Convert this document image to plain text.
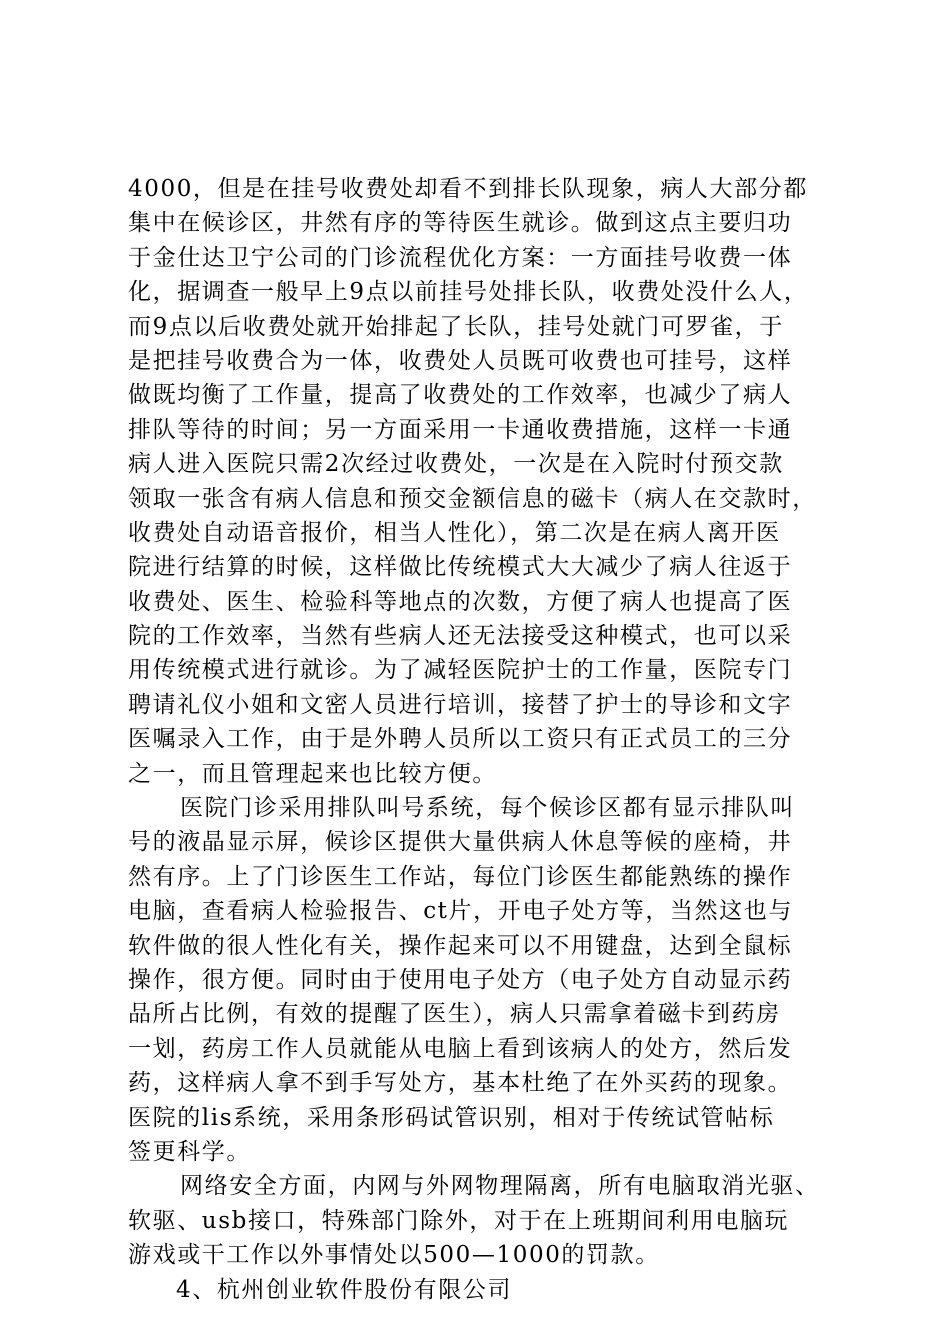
4000，但是在挂号收费处却看不到排长队现象，病人大部分都
集中在候诊区，井然有序的等待医生就诊。做到这点主要归功
于金仕达卫宁公司的门诊流程优化方案：一方面挂号收费一体
化，据调查一般早上9点以前挂号处排长队，收费处没什么人，
而9点以后收费处就开始排起了长队，挂号处就门可罗雀，于
是把挂号收费合为一体，收费处人员既可收费也可挂号，这样
做既均衡了工作量，提高了收费处的工作效率，也减少了病人
排队等待的时间；另一方面采用一卡通收费措施，这样一卡通
病人进入医院只需2次经过收费处，一次是在入院时付预交款
领取一张含有病人信息和预交金额信息的磁卡（病人在交款时，
收费处自动语音报价，相当人性化），第二次是在病人离开医
院进行结算的时候，这样做比传统模式大大减少了病人往返于
收费处、医生、检验科等地点的次数，方便了病人也提高了医
院的工作效率，当然有些病人还无法接受这种模式，也可以采
用传统模式进行就诊。为了减轻医院护士的工作量，医院专门
聘请礼仪小姐和文密人员进行培训，接替了护士的导诊和文字
医嘱录入工作，由于是外聘人员所以工资只有正式员工的三分
之一，而且管理起来也比较方便。
医院门诊采用排队叫号系统，每个候诊区都有显示排队叫
号的液晶显示屏，候诊区提供大量供病人休息等候的座椅，井
然有序。上了门诊医生工作站，每位门诊医生都能熟练的操作
电脑，查看病人检验报告、ct片，开电子处方等，当然这也与
软件做的很人性化有关，操作起来可以不用键盘，达到全鼠标
操作，很方便。同时由于使用电子处方（电子处方自动显示药
品所占比例，有效的提醒了医生），病人只需拿着磁卡到药房
一划，药房工作人员就能从电脑上看到该病人的处方，然后发
药，这样病人拿不到手写处方，基本杜绝了在外买药的现象。
医院的lis系统，采用条形码试管识别，相对于传统试管帖标
签更科学。
网络安全方面，内网与外网物理隔离，所有电脑取消光驱、
软驱、usb接口，特殊部门除外，对于在上班期间利用电脑玩
游戏或干工作以外事情处以500—1000的罚款。
4、杭州创业软件股份有限公司
